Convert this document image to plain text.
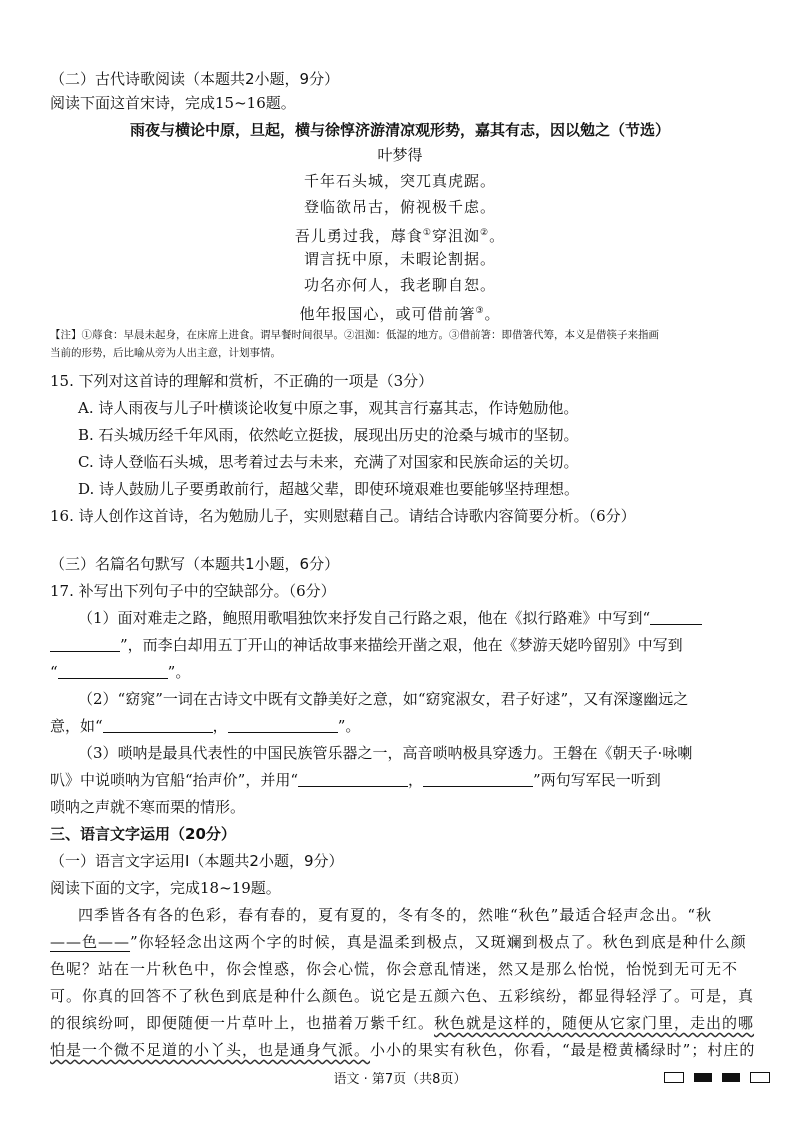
（二）古代诗歌阅读（本题共2小题，9分）
阅读下面这首宋诗，完成15~16题。
雨夜与横论中原，旦起，横与徐惇济游清凉观形势，嘉其有志，因以勉之（节选）
叶梦得
千年石头城，突兀真虎踞。
登临欲吊古，俯视极千虑。
吾儿勇过我，蓐食①穿沮洳②。
谓言抚中原，未暇论割据。
功名亦何人，我老聊自恕。
他年报国心，或可借前箸③。
【注】①蓐食：早晨未起身，在床席上进食。谓早餐时间很早。②沮洳：低湿的地方。③借前箸：即借箸代筹，本义是借筷子来指画
当前的形势，后比喻从旁为人出主意，计划事情。
15. 下列对这首诗的理解和赏析，不正确的一项是（3分）
A. 诗人雨夜与儿子叶横谈论收复中原之事，观其言行嘉其志，作诗勉励他。
B. 石头城历经千年风雨，依然屹立挺拔，展现出历史的沧桑与城市的坚韧。
C. 诗人登临石头城，思考着过去与未来，充满了对国家和民族命运的关切。
D. 诗人鼓励儿子要勇敢前行，超越父辈，即使环境艰难也要能够坚持理想。
16. 诗人创作这首诗，名为勉励儿子，实则慰藉自己。请结合诗歌内容简要分析。（6分）
（三）名篇名句默写（本题共1小题，6分）
17. 补写出下列句子中的空缺部分。（6分）
（1）面对难走之路，鲍照用歌唱独饮来抒发自己行路之艰，他在《拟行路难》中写到“
”，而李白却用五丁开山的神话故事来描绘开凿之艰，他在《梦游天姥吟留别》中写到
“	”。
（2）“窈窕”一词在古诗文中既有文静美好之意，如“窈窕淑女，君子好逑”，又有深邃幽远之
意，如“	，	”。
（3）唢呐是最具代表性的中国民族管乐器之一，高音唢呐极具穿透力。王磐在《朝天子·咏喇
叭》中说唢呐为官船“抬声价”，并用“	，	”两句写军民一听到
唢呐之声就不寒而栗的情形。
三、语言文字运用（20分）
（一）语言文字运用Ⅰ（本题共2小题，9分）
阅读下面的文字，完成18~19题。
四季皆各有各的色彩，春有春的，夏有夏的，冬有冬的，然唯“秋色”最适合轻声念出。“秋
——色——”你轻轻念出这两个字的时候，真是温柔到极点，又斑斓到极点了。秋色到底是种什么颜
色呢？站在一片秋色中，你会惶惑，你会心慌，你会意乱情迷，然又是那么怡悦，怡悦到无可无不
可。你真的回答不了秋色到底是种什么颜色。说它是五颜六色、五彩缤纷，都显得轻浮了。可是，真
的很缤纷呵，即便随便一片草叶上，也描着万紫千红。秋色就是这样的，随便从它家门里，走出的哪
怕是一个微不足道的小丫头，也是通身气派。小小的果实有秋色，你看，“最是橙黄橘绿时”；村庄的
语文 · 第7页（共8页）
